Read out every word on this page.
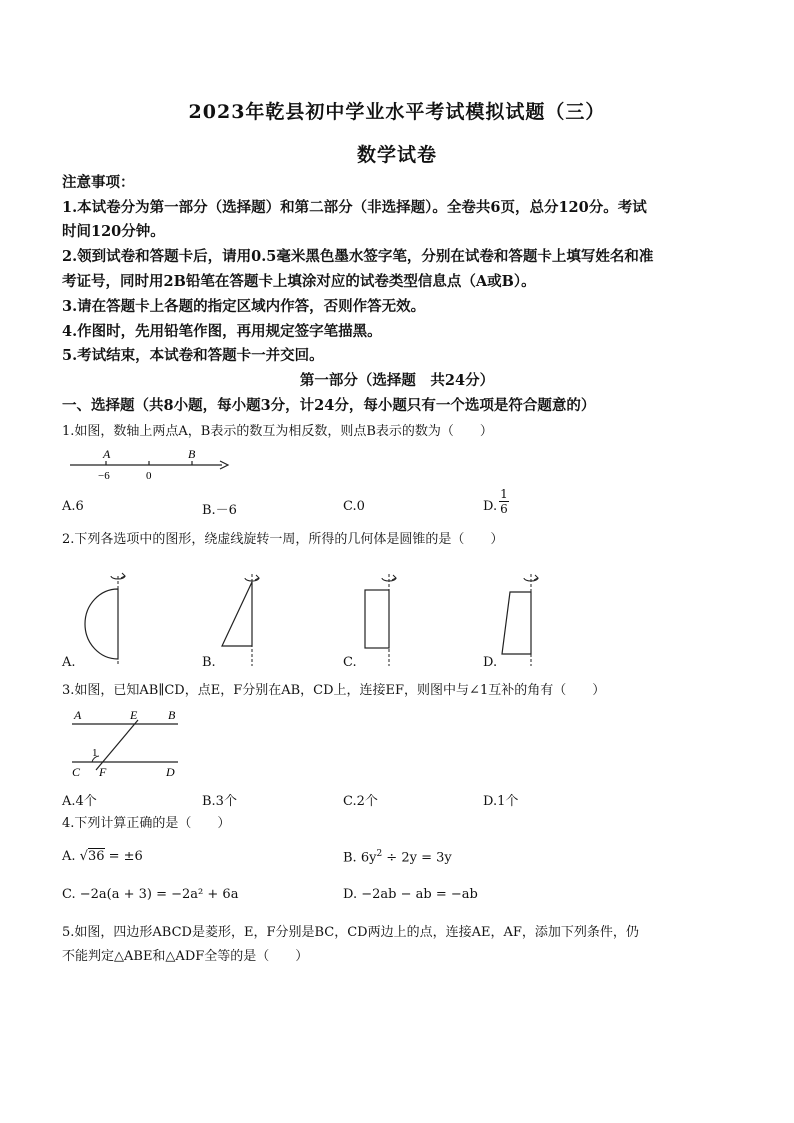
2023年乾县初中学业水平考试模拟试题（三）
数学试卷
注意事项：
1.本试卷分为第一部分（选择题）和第二部分（非选择题）。全卷共6页，总分120分。考试
时间120分钟。
2.领到试卷和答题卡后，请用0.5毫米黑色墨水签字笔，分别在试卷和答题卡上填写姓名和准
考证号，同时用2B铅笔在答题卡上填涂对应的试卷类型信息点（A或B）。
3.请在答题卡上各题的指定区域内作答，否则作答无效。
4.作图时，先用铅笔作图，再用规定签字笔描黑。
5.考试结束，本试卷和答题卡一并交回。
第一部分（选择题　共24分）
一、选择题（共8小题，每小题3分，计24分，每小题只有一个选项是符合题意的）
1.如图，数轴上两点A，B表示的数互为相反数，则点B表示的数为（　　）
A	B
−6	0
A.6	B.－6	C.0	D. $\frac{1}{6}$
2.下列各选项中的图形，绕虚线旋转一周，所得的几何体是圆锥的是（　　）
A.	B.	C.	D.
3.如图，已知AB∥CD，点E，F分别在AB，CD上，连接EF，则图中与∠1互补的角有（　　）
A	E	B
C F	D
1
A.4个	B.3个	C.2个	D.1个
4.下列计算正确的是（　　）
A. √36 = ±6	B. $6y^2 \div 2y = 3y$
C. −2a(a + 3) = −2a² + 6a	D. −2ab − ab = −ab
5.如图，四边形ABCD是菱形，E，F分别是BC，CD两边上的点，连接AE，AF，添加下列条件，仍
不能判定△ABE和△ADF全等的是（　　）
